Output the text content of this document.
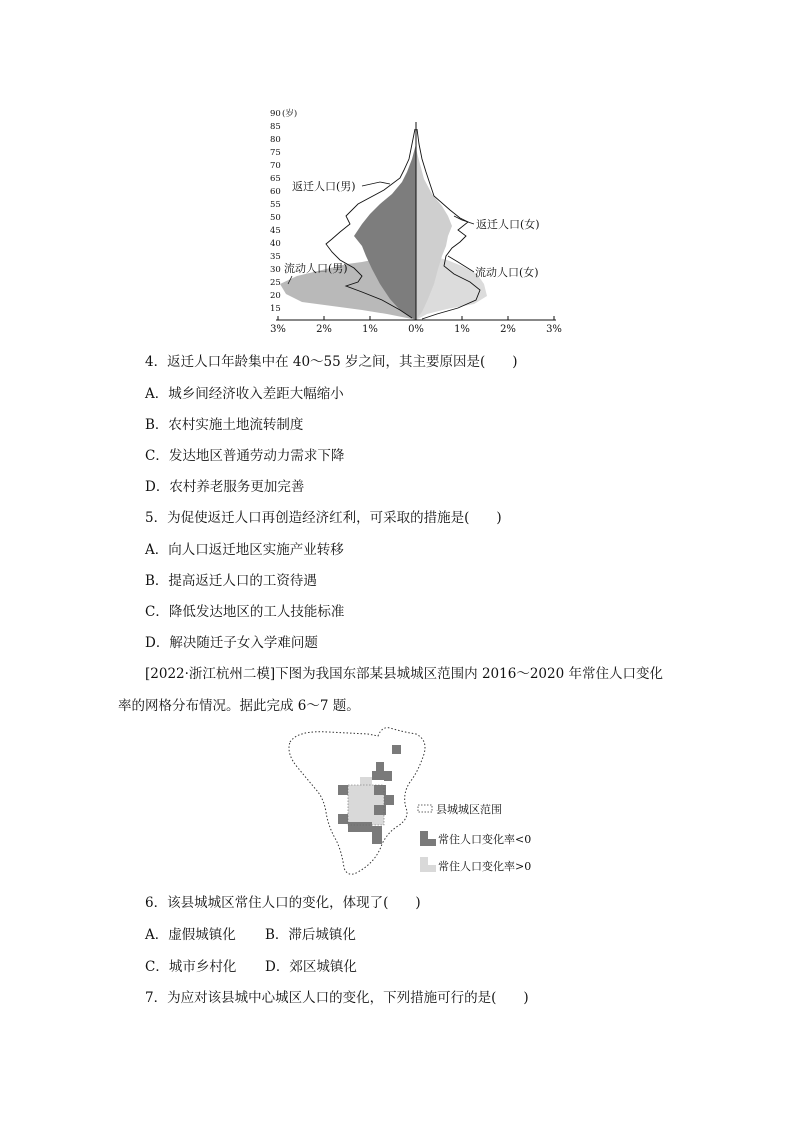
90 (岁)
85
80
75
70
65
60
55
50
45
40
35
30
25
20
15
3%	2%	1%	0%	1%	2%	3%
返迁人口(男)
返迁人口(女)
流动人口(男)	流动人口(女)
4．返迁人口年龄集中在 40～55 岁之间，其主要原因是(　　)
A．城乡间经济收入差距大幅缩小
B．农村实施土地流转制度
C．发达地区普通劳动力需求下降
D．农村养老服务更加完善
5．为促使返迁人口再创造经济红利，可采取的措施是(　　)
A．向人口返迁地区实施产业转移
B．提高返迁人口的工资待遇
C．降低发达地区的工人技能标准
D．解决随迁子女入学难问题
[2022·浙江杭州二模]下图为我国东部某县城城区范围内 2016～2020 年常住人口变化
率的网格分布情况。据此完成 6～7 题。
县城城区范围
常住人口变化率<0
常住人口变化率>0
6．该县城城区常住人口的变化，体现了(　　)
A．虚假城镇化 B．滞后城镇化
C．城市乡村化 D．郊区城镇化
7．为应对该县城中心城区人口的变化，下列措施可行的是(　　)
